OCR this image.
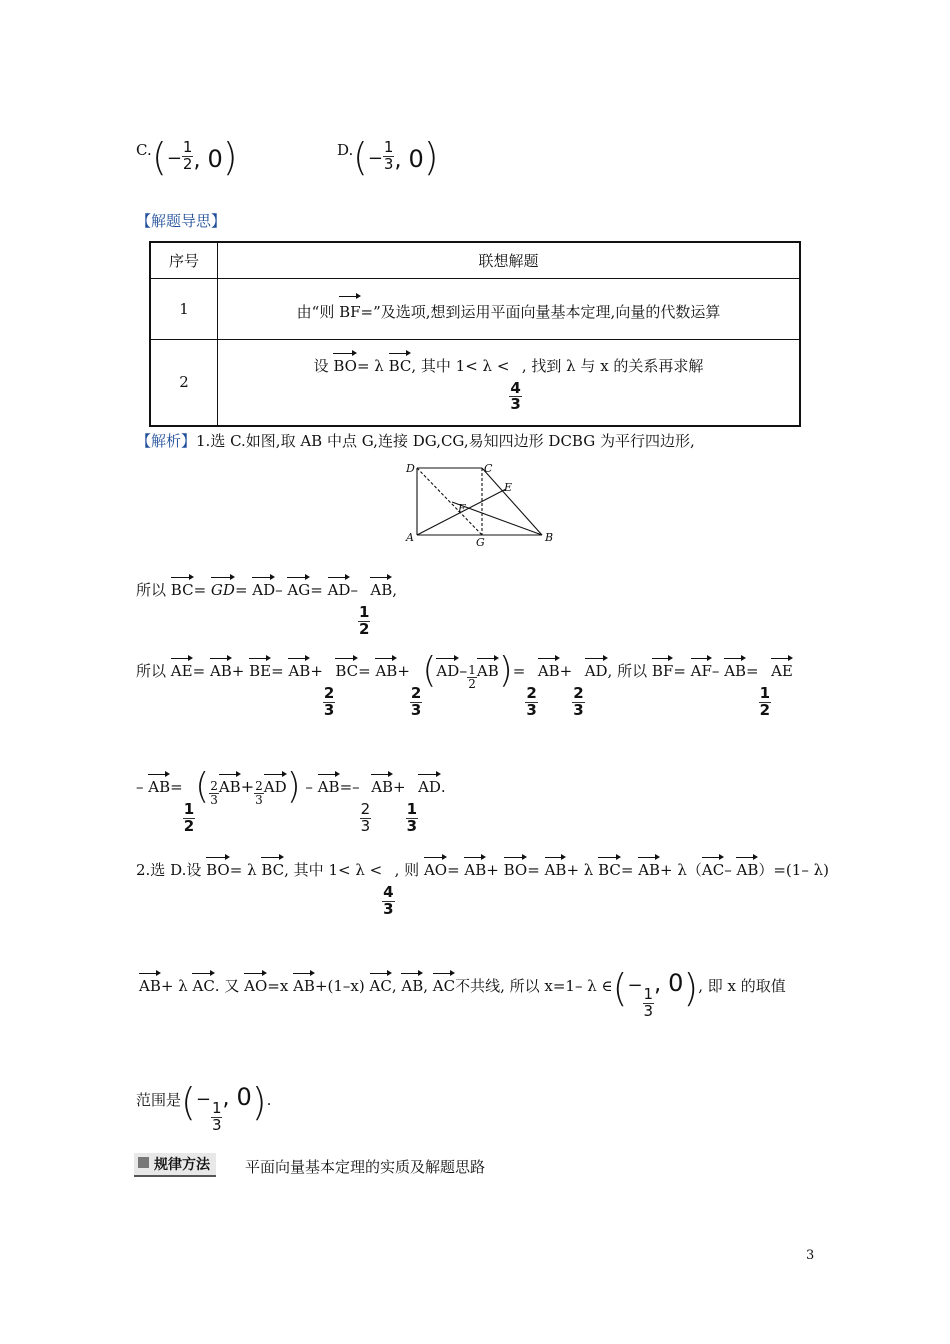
C. (− $\frac{1}{2}$ , 0)	D. (− $\frac{1}{3}$ , 0)
【解题导思】
序号	联想解题
1	由“则 BF=”及选项,想到运用平面向量基本定理,向量的代数运算
2	设 BO= λ BC, 其中 1< λ <
$\frac{4}{3}$
, 找到 λ 与 x 的关系再求解
【解析】1.选 C.如图,取 AB 中点 G,连接 DG,CG,易知四边形 DCBG 为平行四边形,
D	C
E
F
A	G	B
所以 BC= GD= AD– AG= AD–
$\frac{1}{2}$
AB,
所以 AE= AB+ BE= AB+
$\frac{2}{3}$
BC= AB+
$\frac{2}{3}$
$(AD- \frac{1}{2} AB)=$
$\frac{2}{3}$
AB+
$\frac{2}{3}$
AD, 所以 BF= AF– AB=
$\frac{1}{2}$
AE
– AB=
$\frac{1}{2}$
( $\frac{2}{3} AB+ \frac{2}{3} AD) - AB=-$
$\frac{2}{3}$
AB+
$\frac{1}{3}$
AD.
2.选 D.设 BO= λ BC, 其中 1< λ <
$\frac{4}{3}$
, 则 AO= AB+ BO= AB+ λ BC= AB+ λ（AC– AB）=(1– λ)
AB+ λ AC. 又 AO=x AB+(1–x) AC, AB, AC不共线, 所以 x=1– λ ∈(−
$\frac{1}{3}$
, 0), 即 x 的取值
范围是(−
$\frac{1}{3}$
, 0).
规律方法	平面向量基本定理的实质及解题思路
3
